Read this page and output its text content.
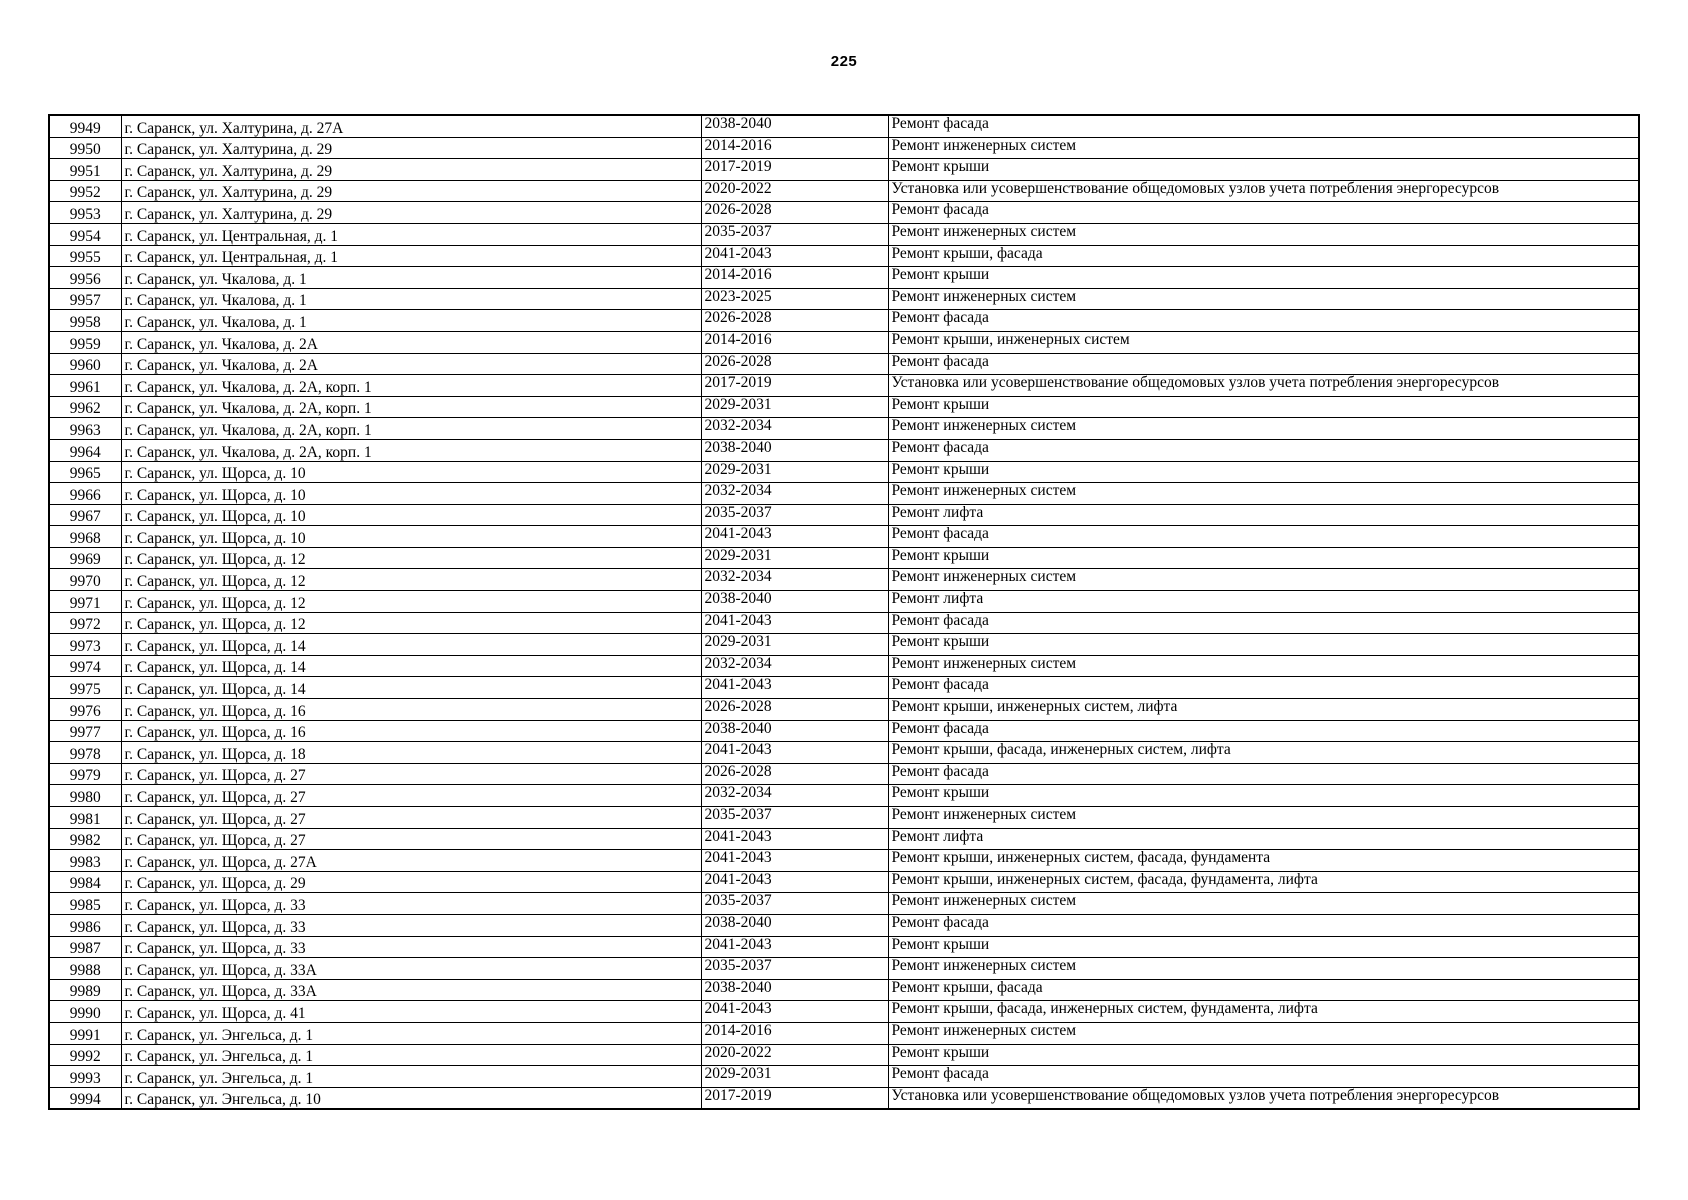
225
9949	г. Саранск, ул. Халтурина, д. 27А	2038-2040	Ремонт фасада
9950	г. Саранск, ул. Халтурина, д. 29	2014-2016	Ремонт инженерных систем
9951	г. Саранск, ул. Халтурина, д. 29	2017-2019	Ремонт крыши
9952	г. Саранск, ул. Халтурина, д. 29	2020-2022	Установка или усовершенствование общедомовых узлов учета потребления энергоресурсов
9953	г. Саранск, ул. Халтурина, д. 29	2026-2028	Ремонт фасада
9954	г. Саранск, ул. Центральная, д. 1	2035-2037	Ремонт инженерных систем
9955	г. Саранск, ул. Центральная, д. 1	2041-2043	Ремонт крыши, фасада
9956	г. Саранск, ул. Чкалова, д. 1	2014-2016	Ремонт крыши
9957	г. Саранск, ул. Чкалова, д. 1	2023-2025	Ремонт инженерных систем
9958	г. Саранск, ул. Чкалова, д. 1	2026-2028	Ремонт фасада
9959	г. Саранск, ул. Чкалова, д. 2А	2014-2016	Ремонт крыши, инженерных систем
9960	г. Саранск, ул. Чкалова, д. 2А	2026-2028	Ремонт фасада
9961	г. Саранск, ул. Чкалова, д. 2А, корп. 1	2017-2019	Установка или усовершенствование общедомовых узлов учета потребления энергоресурсов
9962	г. Саранск, ул. Чкалова, д. 2А, корп. 1	2029-2031	Ремонт крыши
9963	г. Саранск, ул. Чкалова, д. 2А, корп. 1	2032-2034	Ремонт инженерных систем
9964	г. Саранск, ул. Чкалова, д. 2А, корп. 1	2038-2040	Ремонт фасада
9965	г. Саранск, ул. Щорса, д. 10	2029-2031	Ремонт крыши
9966	г. Саранск, ул. Щорса, д. 10	2032-2034	Ремонт инженерных систем
9967	г. Саранск, ул. Щорса, д. 10	2035-2037	Ремонт лифта
9968	г. Саранск, ул. Щорса, д. 10	2041-2043	Ремонт фасада
9969	г. Саранск, ул. Щорса, д. 12	2029-2031	Ремонт крыши
9970	г. Саранск, ул. Щорса, д. 12	2032-2034	Ремонт инженерных систем
9971	г. Саранск, ул. Щорса, д. 12	2038-2040	Ремонт лифта
9972	г. Саранск, ул. Щорса, д. 12	2041-2043	Ремонт фасада
9973	г. Саранск, ул. Щорса, д. 14	2029-2031	Ремонт крыши
9974	г. Саранск, ул. Щорса, д. 14	2032-2034	Ремонт инженерных систем
9975	г. Саранск, ул. Щорса, д. 14	2041-2043	Ремонт фасада
9976	г. Саранск, ул. Щорса, д. 16	2026-2028	Ремонт крыши, инженерных систем, лифта
9977	г. Саранск, ул. Щорса, д. 16	2038-2040	Ремонт фасада
9978	г. Саранск, ул. Щорса, д. 18	2041-2043	Ремонт крыши, фасада, инженерных систем, лифта
9979	г. Саранск, ул. Щорса, д. 27	2026-2028	Ремонт фасада
9980	г. Саранск, ул. Щорса, д. 27	2032-2034	Ремонт крыши
9981	г. Саранск, ул. Щорса, д. 27	2035-2037	Ремонт инженерных систем
9982	г. Саранск, ул. Щорса, д. 27	2041-2043	Ремонт лифта
9983	г. Саранск, ул. Щорса, д. 27А	2041-2043	Ремонт крыши, инженерных систем, фасада, фундамента
9984	г. Саранск, ул. Щорса, д. 29	2041-2043	Ремонт крыши, инженерных систем, фасада, фундамента, лифта
9985	г. Саранск, ул. Щорса, д. 33	2035-2037	Ремонт инженерных систем
9986	г. Саранск, ул. Щорса, д. 33	2038-2040	Ремонт фасада
9987	г. Саранск, ул. Щорса, д. 33	2041-2043	Ремонт крыши
9988	г. Саранск, ул. Щорса, д. 33А	2035-2037	Ремонт инженерных систем
9989	г. Саранск, ул. Щорса, д. 33А	2038-2040	Ремонт крыши, фасада
9990	г. Саранск, ул. Щорса, д. 41	2041-2043	Ремонт крыши, фасада, инженерных систем, фундамента, лифта
9991	г. Саранск, ул. Энгельса, д. 1	2014-2016	Ремонт инженерных систем
9992	г. Саранск, ул. Энгельса, д. 1	2020-2022	Ремонт крыши
9993	г. Саранск, ул. Энгельса, д. 1	2029-2031	Ремонт фасада
9994	г. Саранск, ул. Энгельса, д. 10	2017-2019	Установка или усовершенствование общедомовых узлов учета потребления энергоресурсов
